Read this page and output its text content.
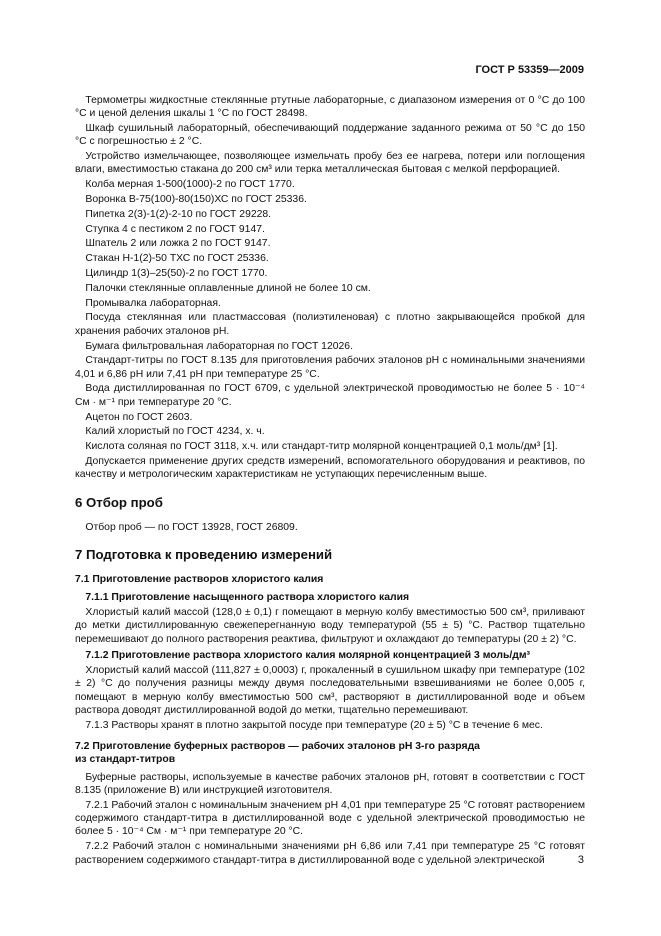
ГОСТ Р 53359—2009

Термометры жидкостные стеклянные ртутные лабораторные, с диапазоном измерения от 0 °С до 100 °С и ценой деления шкалы 1 °С по ГОСТ 28498.

Шкаф сушильный лабораторный, обеспечивающий поддержание заданного режима от 50 °С до 150 °С с погрешностью ± 2 °С.

Устройство измельчающее, позволяющее измельчать пробу без ее нагрева, потери или поглощения влаги, вместимостью стакана до 200 см³ или терка металлическая бытовая с мелкой перфорацией.

Колба мерная 1-500(1000)-2 по ГОСТ 1770.

Воронка В-75(100)-80(150)ХС по ГОСТ 25336.

Пипетка 2(3)-1(2)-2-10 по ГОСТ 29228.

Ступка 4 с пестиком 2 по ГОСТ 9147.

Шпатель 2 или ложка 2 по ГОСТ 9147.

Стакан Н-1(2)-50 ТХС по ГОСТ 25336.

Цилиндр 1(3)–25(50)-2 по ГОСТ 1770.

Палочки стеклянные оплавленные длиной не более 10 см.

Промывалка лабораторная.

Посуда стеклянная или пластмассовая (полиэтиленовая) с плотно закрывающейся пробкой для хранения рабочих эталонов рН.

Бумага фильтровальная лабораторная по ГОСТ 12026.

Стандарт-титры по ГОСТ 8.135 для приготовления рабочих эталонов рН с номинальными значениями 4,01 и 6,86 рН или 7,41 рН при температуре 25 °С.

Вода дистиллированная по ГОСТ 6709, с удельной электрической проводимостью не более 5 · 10⁻⁴ См · м⁻¹ при температуре 20 °С.

Ацетон по ГОСТ 2603.

Калий хлористый по ГОСТ 4234, х. ч.

Кислота соляная по ГОСТ 3118, х.ч. или стандарт-титр молярной концентрацией 0,1 моль/дм³ [1].

Допускается применение других средств измерений, вспомогательного оборудования и реактивов, по качеству и метрологическим характеристикам не уступающих перечисленным выше.

6 Отбор проб

Отбор проб — по ГОСТ 13928, ГОСТ 26809.

7 Подготовка к проведению измерений
7.1 Приготовление растворов хлористого калия
7.1.1 Приготовление насыщенного раствора хлористого калия

Хлористый калий массой (128,0 ± 0,1) г помещают в мерную колбу вместимостью 500 см³, приливают до метки дистиллированную свежеперегнанную воду температурой (55 ± 5) °С. Раствор тщательно перемешивают до полного растворения реактива, фильтруют и охлаждают до температуры (20 ± 2) °С.

7.1.2 Приготовление раствора хлористого калия молярной концентрацией 3 моль/дм³

Хлористый калий массой (111,827 ± 0,0003) г, прокаленный в сушильном шкафу при температуре (102 ± 2) °С до получения разницы между двумя последовательными взвешиваниями не более 0,005 г, помещают в мерную колбу вместимостью 500 см³, растворяют в дистиллированной воде и объем раствора доводят дистиллированной водой до метки, тщательно перемешивают.

7.1.3 Растворы хранят в плотно закрытой посуде при температуре (20 ± 5) °С в течение 6 мес.

7.2 Приготовление буферных растворов — рабочих эталонов рН 3-го разряда
из стандарт-титров

Буферные растворы, используемые в качестве рабочих эталонов рН, готовят в соответствии с ГОСТ 8.135 (приложение В) или инструкцией изготовителя.

7.2.1 Рабочий эталон с номинальным значением рН 4,01 при температуре 25 °С готовят растворением содержимого стандарт-титра в дистиллированной воде с удельной электрической проводимостью не более 5 · 10⁻⁴ См · м⁻¹ при температуре 20 °С.

7.2.2 Рабочий эталон с номинальными значениями рН 6,86 или 7,41 при температуре 25 °С готовят растворением содержимого стандарт-титра в дистиллированной воде с удельной электрической	3
